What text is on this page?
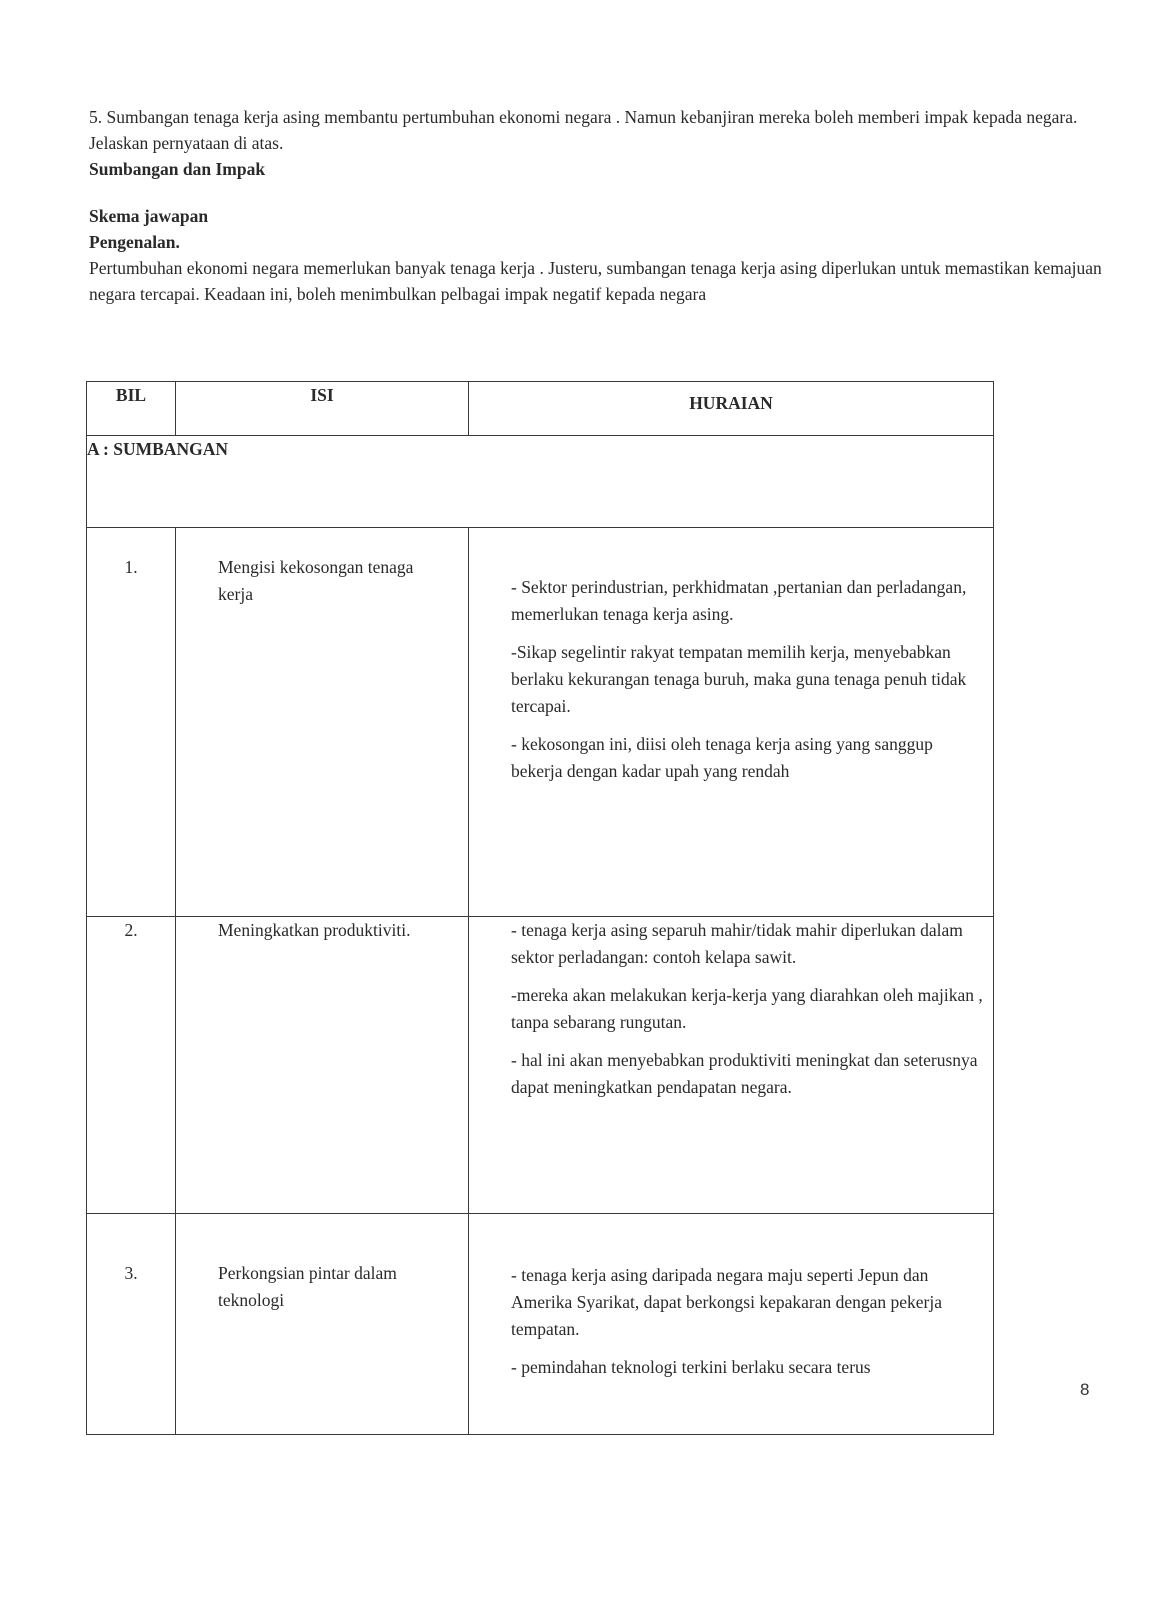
5. Sumbangan tenaga kerja asing membantu pertumbuhan ekonomi negara . Namun kebanjiran mereka boleh memberi impak kepada negara. Jelaskan pernyataan di atas.

Sumbangan dan Impak

Skema jawapan

Pengenalan.

Pertumbuhan ekonomi negara memerlukan banyak tenaga kerja . Justeru, sumbangan tenaga kerja asing diperlukan untuk memastikan kemajuan negara tercapai. Keadaan ini, boleh menimbulkan pelbagai impak negatif kepada negara

BIL	ISI	HURAIAN
A : SUMBANGAN		
1.	Mengisi kekosongan tenaga kerja	- Sektor perindustrian, perkhidmatan ,pertanian dan perladangan, memerlukan tenaga kerja asing.

-Sikap segelintir rakyat tempatan memilih kerja, menyebabkan berlaku kekurangan tenaga buruh, maka guna tenaga penuh tidak tercapai.

- kekosongan ini, diisi oleh tenaga kerja asing yang sanggup bekerja dengan kadar upah yang rendah

2.	Meningkatkan produktiviti.	- tenaga kerja asing separuh mahir/tidak mahir diperlukan dalam sektor perladangan: contoh kelapa sawit.

-mereka akan melakukan kerja-kerja yang diarahkan oleh majikan , tanpa sebarang rungutan.

- hal ini akan menyebabkan produktiviti meningkat dan seterusnya dapat meningkatkan pendapatan negara.

3.	Perkongsian pintar dalam teknologi	- tenaga kerja asing daripada negara maju seperti Jepun dan Amerika Syarikat, dapat berkongsi kepakaran dengan pekerja tempatan.

- pemindahan teknologi terkini berlaku secara terus

8
